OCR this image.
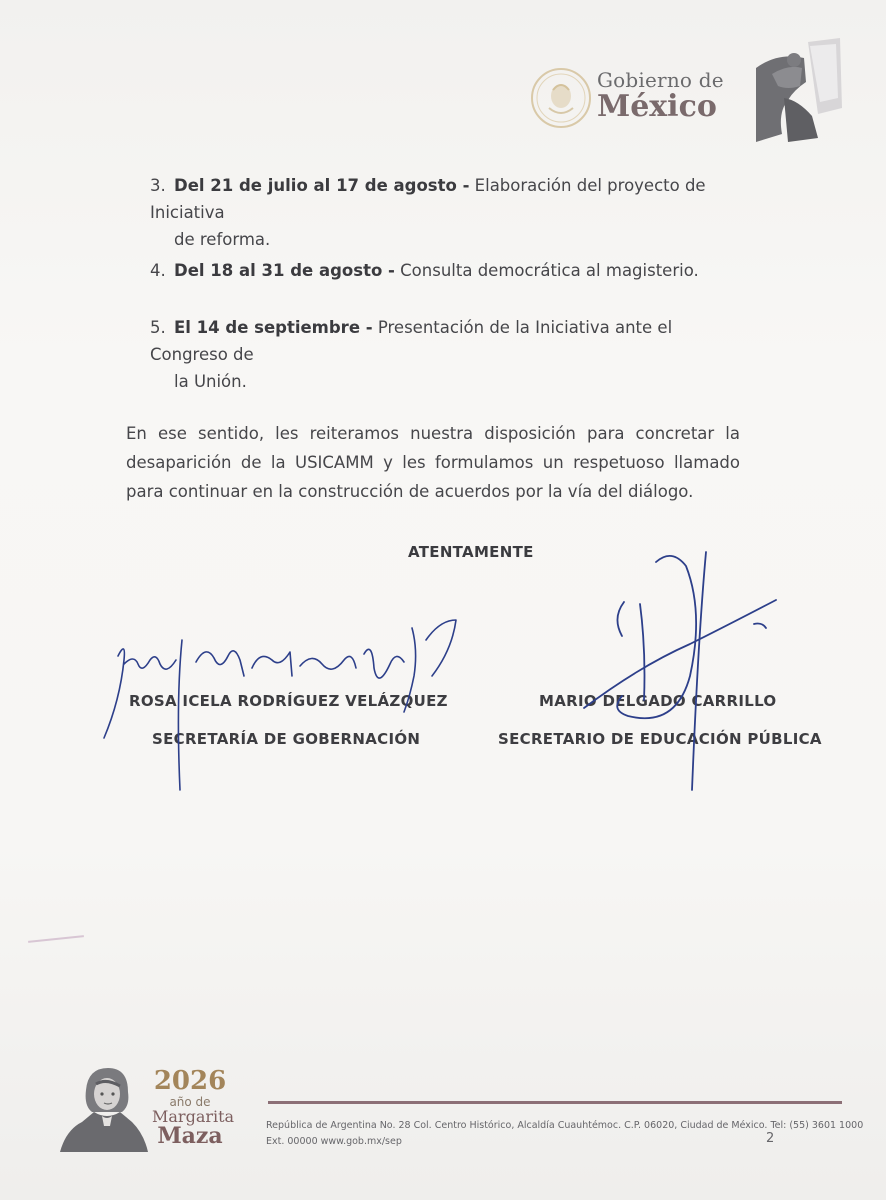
Gobierno de
México
3. Del 21 de julio al 17 de agosto - Elaboración del proyecto de Iniciativa
de reforma.
4. Del 18 al 31 de agosto - Consulta democrática al magisterio.
5. El 14 de septiembre - Presentación de la Iniciativa ante el Congreso de
la Unión.
En ese sentido, les reiteramos nuestra disposición para concretar la desaparición de la USICAMM y les formulamos un respetuoso llamado para continuar en la construcción de acuerdos por la vía del diálogo.
ATENTAMENTE
ROSA ICELA RODRÍGUEZ VELÁZQUEZ
SECRETARÍA DE GOBERNACIÓN
MARIO DELGADO CARRILLO
SECRETARIO DE EDUCACIÓN PÚBLICA
2026
año de
Margarita
Maza	República de Argentina No. 28 Col. Centro Histórico, Alcaldía Cuauhtémoc. C.P. 06020, Ciudad de México. Tel: (55) 3601 1000
Ext. 00000 www.gob.mx/sep	2
